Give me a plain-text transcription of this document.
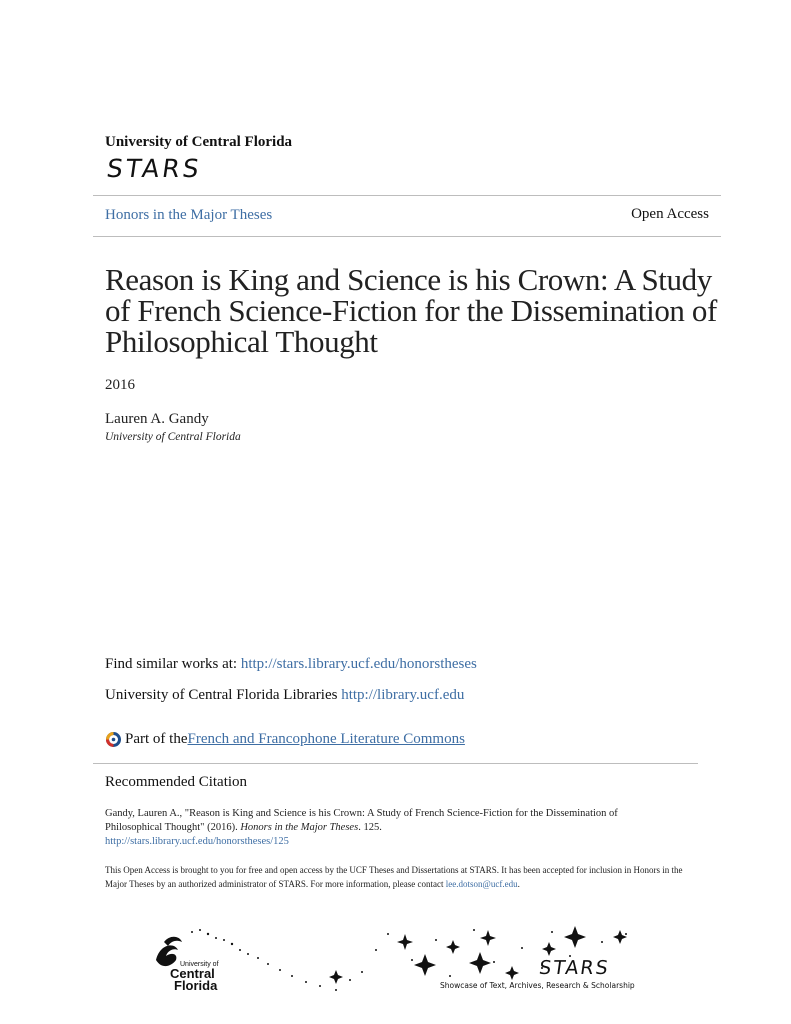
University of Central Florida
STARS
Honors in the Major Theses	Open Access
Reason is King and Science is his Crown: A Study of French Science-Fiction for the Dissemination of Philosophical Thought
2016
Lauren A. Gandy
University of Central Florida
Find similar works at: http://stars.library.ucf.edu/honorstheses
University of Central Florida Libraries http://library.ucf.edu
Part of the French and Francophone Literature Commons
Recommended Citation
Gandy, Lauren A., "Reason is King and Science is his Crown: A Study of French Science-Fiction for the Dissemination of Philosophical Thought" (2016). Honors in the Major Theses. 125.
http://stars.library.ucf.edu/honorstheses/125
This Open Access is brought to you for free and open access by the UCF Theses and Dissertations at STARS. It has been accepted for inclusion in Honors in the Major Theses by an authorized administrator of STARS. For more information, please contact lee.dotson@ucf.edu.
University of
Central
Florida
STARS
Showcase of Text, Archives, Research & Scholarship
